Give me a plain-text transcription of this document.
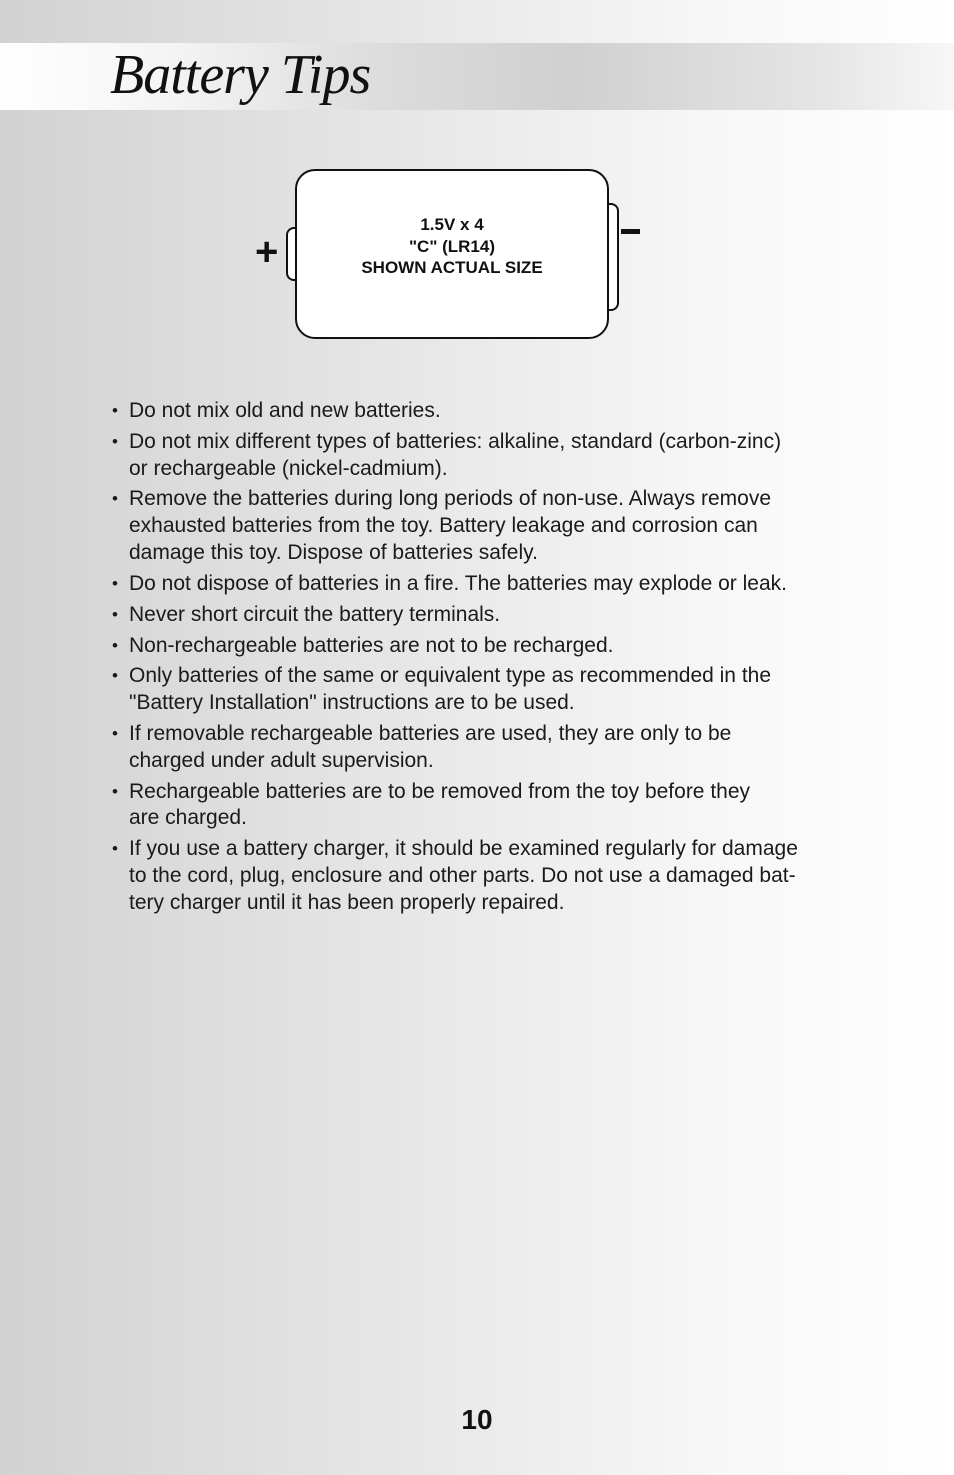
Battery Tips
+
1.5V x 4
"C" (LR14)
SHOWN ACTUAL SIZE
• Do not mix old and new batteries.
• Do not mix different types of batteries: alkaline, standard (carbon-zinc)
or rechargeable (nickel-cadmium).
• Remove the batteries during long periods of non-use. Always remove
exhausted batteries from the toy. Battery leakage and corrosion can
damage this toy. Dispose of batteries safely.
• Do not dispose of batteries in a fire. The batteries may explode or leak.
• Never short circuit the battery terminals.
• Non-rechargeable batteries are not to be recharged.
• Only batteries of the same or equivalent type as recommended in the
"Battery Installation" instructions are to be used.
• If removable rechargeable batteries are used, they are only to be
charged under adult supervision.
• Rechargeable batteries are to be removed from the toy before they
are charged.
• If you use a battery charger, it should be examined regularly for damage
to the cord, plug, enclosure and other parts. Do not use a damaged bat-
tery charger until it has been properly repaired.
10
